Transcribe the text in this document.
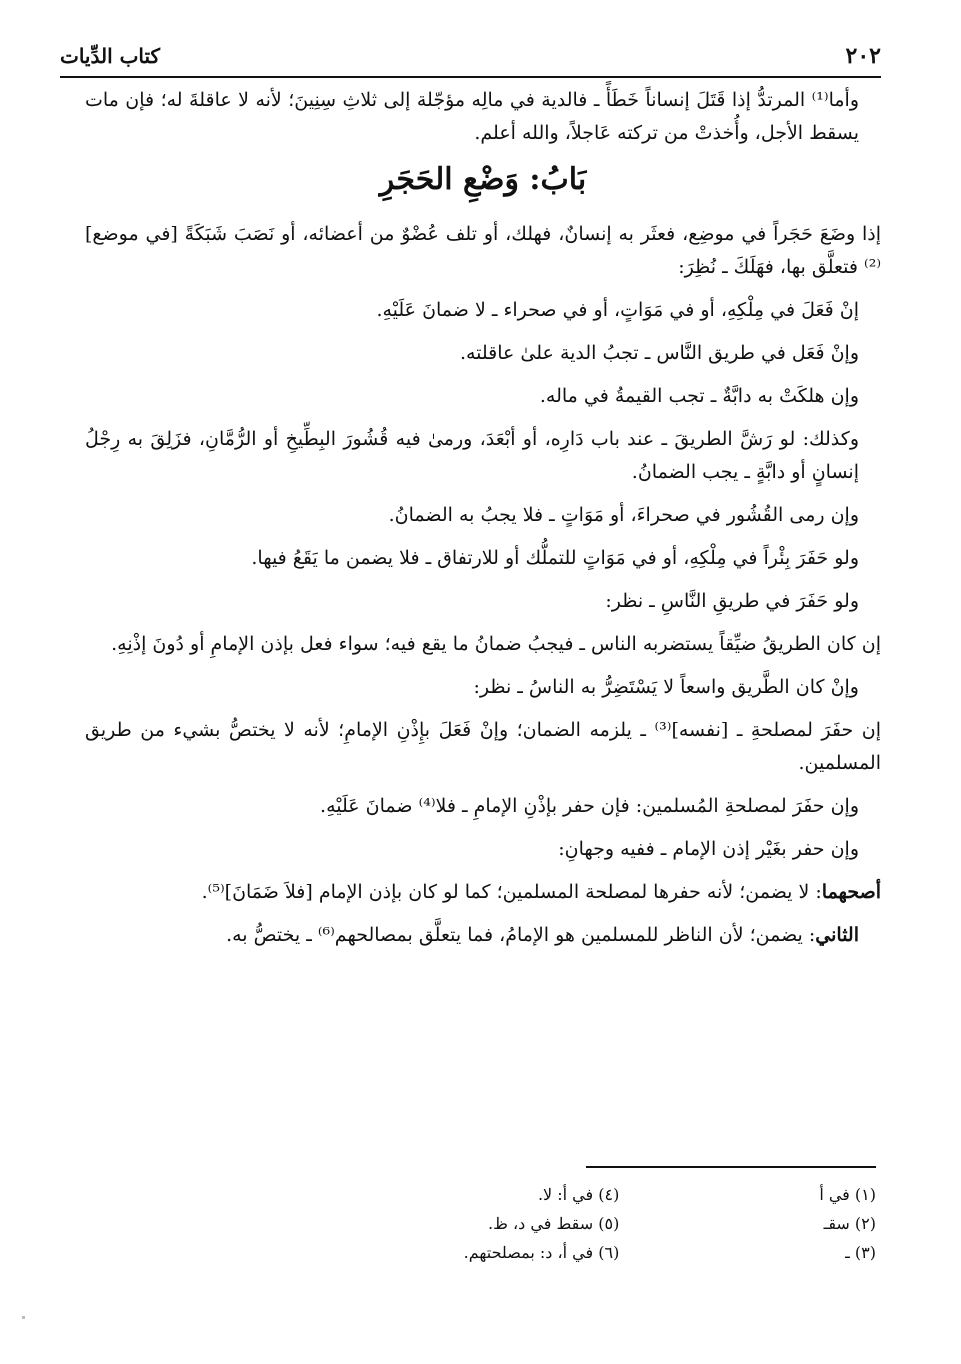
٢٠٢
كتاب الدِّيات

وأما⁽¹⁾ المرتدُّ إذا قَتَلَ إنساناً خَطَأً ـ فالدية في مالِه مؤجّلة إلى ثلاثِ سِنِينَ؛ لأنه لا عاقلةَ له؛ فإن مات يسقط الأجل، وأُخذتْ من تركته عَاجلاً، والله أعلم.

بَابُ: وَضْعِ الحَجَرِ

إذا وضَعَ حَجَراً في موضِع، فعثَر به إنسانٌ، فهلك، أو تلف عُضْوٌ من أعضائه، أو نَصَبَ شَبَكَةً [في موضع]⁽²⁾ فتعلَّق بها، فهَلَكَ ـ نُظِرَ:

إنْ فَعَلَ في مِلْكِهِ، أو في مَوَاتٍ، أو في صحراء ـ لا ضمانَ عَلَيْهِ.

وإنْ فَعَل في طريق النَّاس ـ تجبُ الدية علىٰ عاقلته.

وإن هلكَتْ به دابَّةٌ ـ تجب القيمةُ في ماله.

وكذلك: لو رَشَّ الطريقَ ـ عند باب دَارِه، أو أبْعَدَ، ورمىٰ فيه قُشُورَ البِطِّيخِ أو الرُّمَّانِ، فزَلِقَ به رِجْلُ إنسانٍ أو دابَّةٍ ـ يجب الضمانُ.

وإن رمى القُشُور في صحراءَ، أو مَوَاتٍ ـ فلا يجبُ به الضمانُ.

ولو حَفَرَ بِئْراً في مِلْكِهِ، أو في مَوَاتٍ للتملُّك أو للارتفاق ـ فلا يضمن ما يَقَعُ فيها.

ولو حَفَرَ في طريقِ النَّاسِ ـ نظر:

إن كان الطريقُ ضيِّقاً يستضربه الناس ـ فيجبُ ضمانُ ما يقع فيه؛ سواء فعل بإذن الإمامِ أو دُونَ إذْنِهِ.

وإنْ كان الطَّريق واسعاً لا يَسْتَضِرُّ به الناسُ ـ نظر:

إن حفَرَ لمصلحةِ ـ [نفسه]⁽³⁾ ـ يلزمه الضمان؛ وإنْ فَعَلَ بإِذْنِ الإمامِ؛ لأنه لا يختصُّ بشيء من طريق المسلمين.

وإن حفَرَ لمصلحةِ المُسلمين: فإن حفر بإذْنِ الإمامِ ـ فلا⁽⁴⁾ ضمانَ عَلَيْهِ.

وإن حفر بغَيْر إذن الإمام ـ ففيه وجهانِ:

أصحهما: لا يضمن؛ لأنه حفرها لمصلحة المسلمين؛ كما لو كان بإذن الإمام [فلاَ ضَمَانَ]⁽⁵⁾.

الثاني: يضمن؛ لأن الناظر للمسلمين هو الإمامُ، فما يتعلَّق بمصالحهم⁽⁶⁾ ـ يختصُّ به.

(١) في أ
(٢) سقـ
(٣) ـ
(٤) في أ: لا.
(٥) سقط في د، ظ.
(٦) في أ، د: بمصلحتهم.
